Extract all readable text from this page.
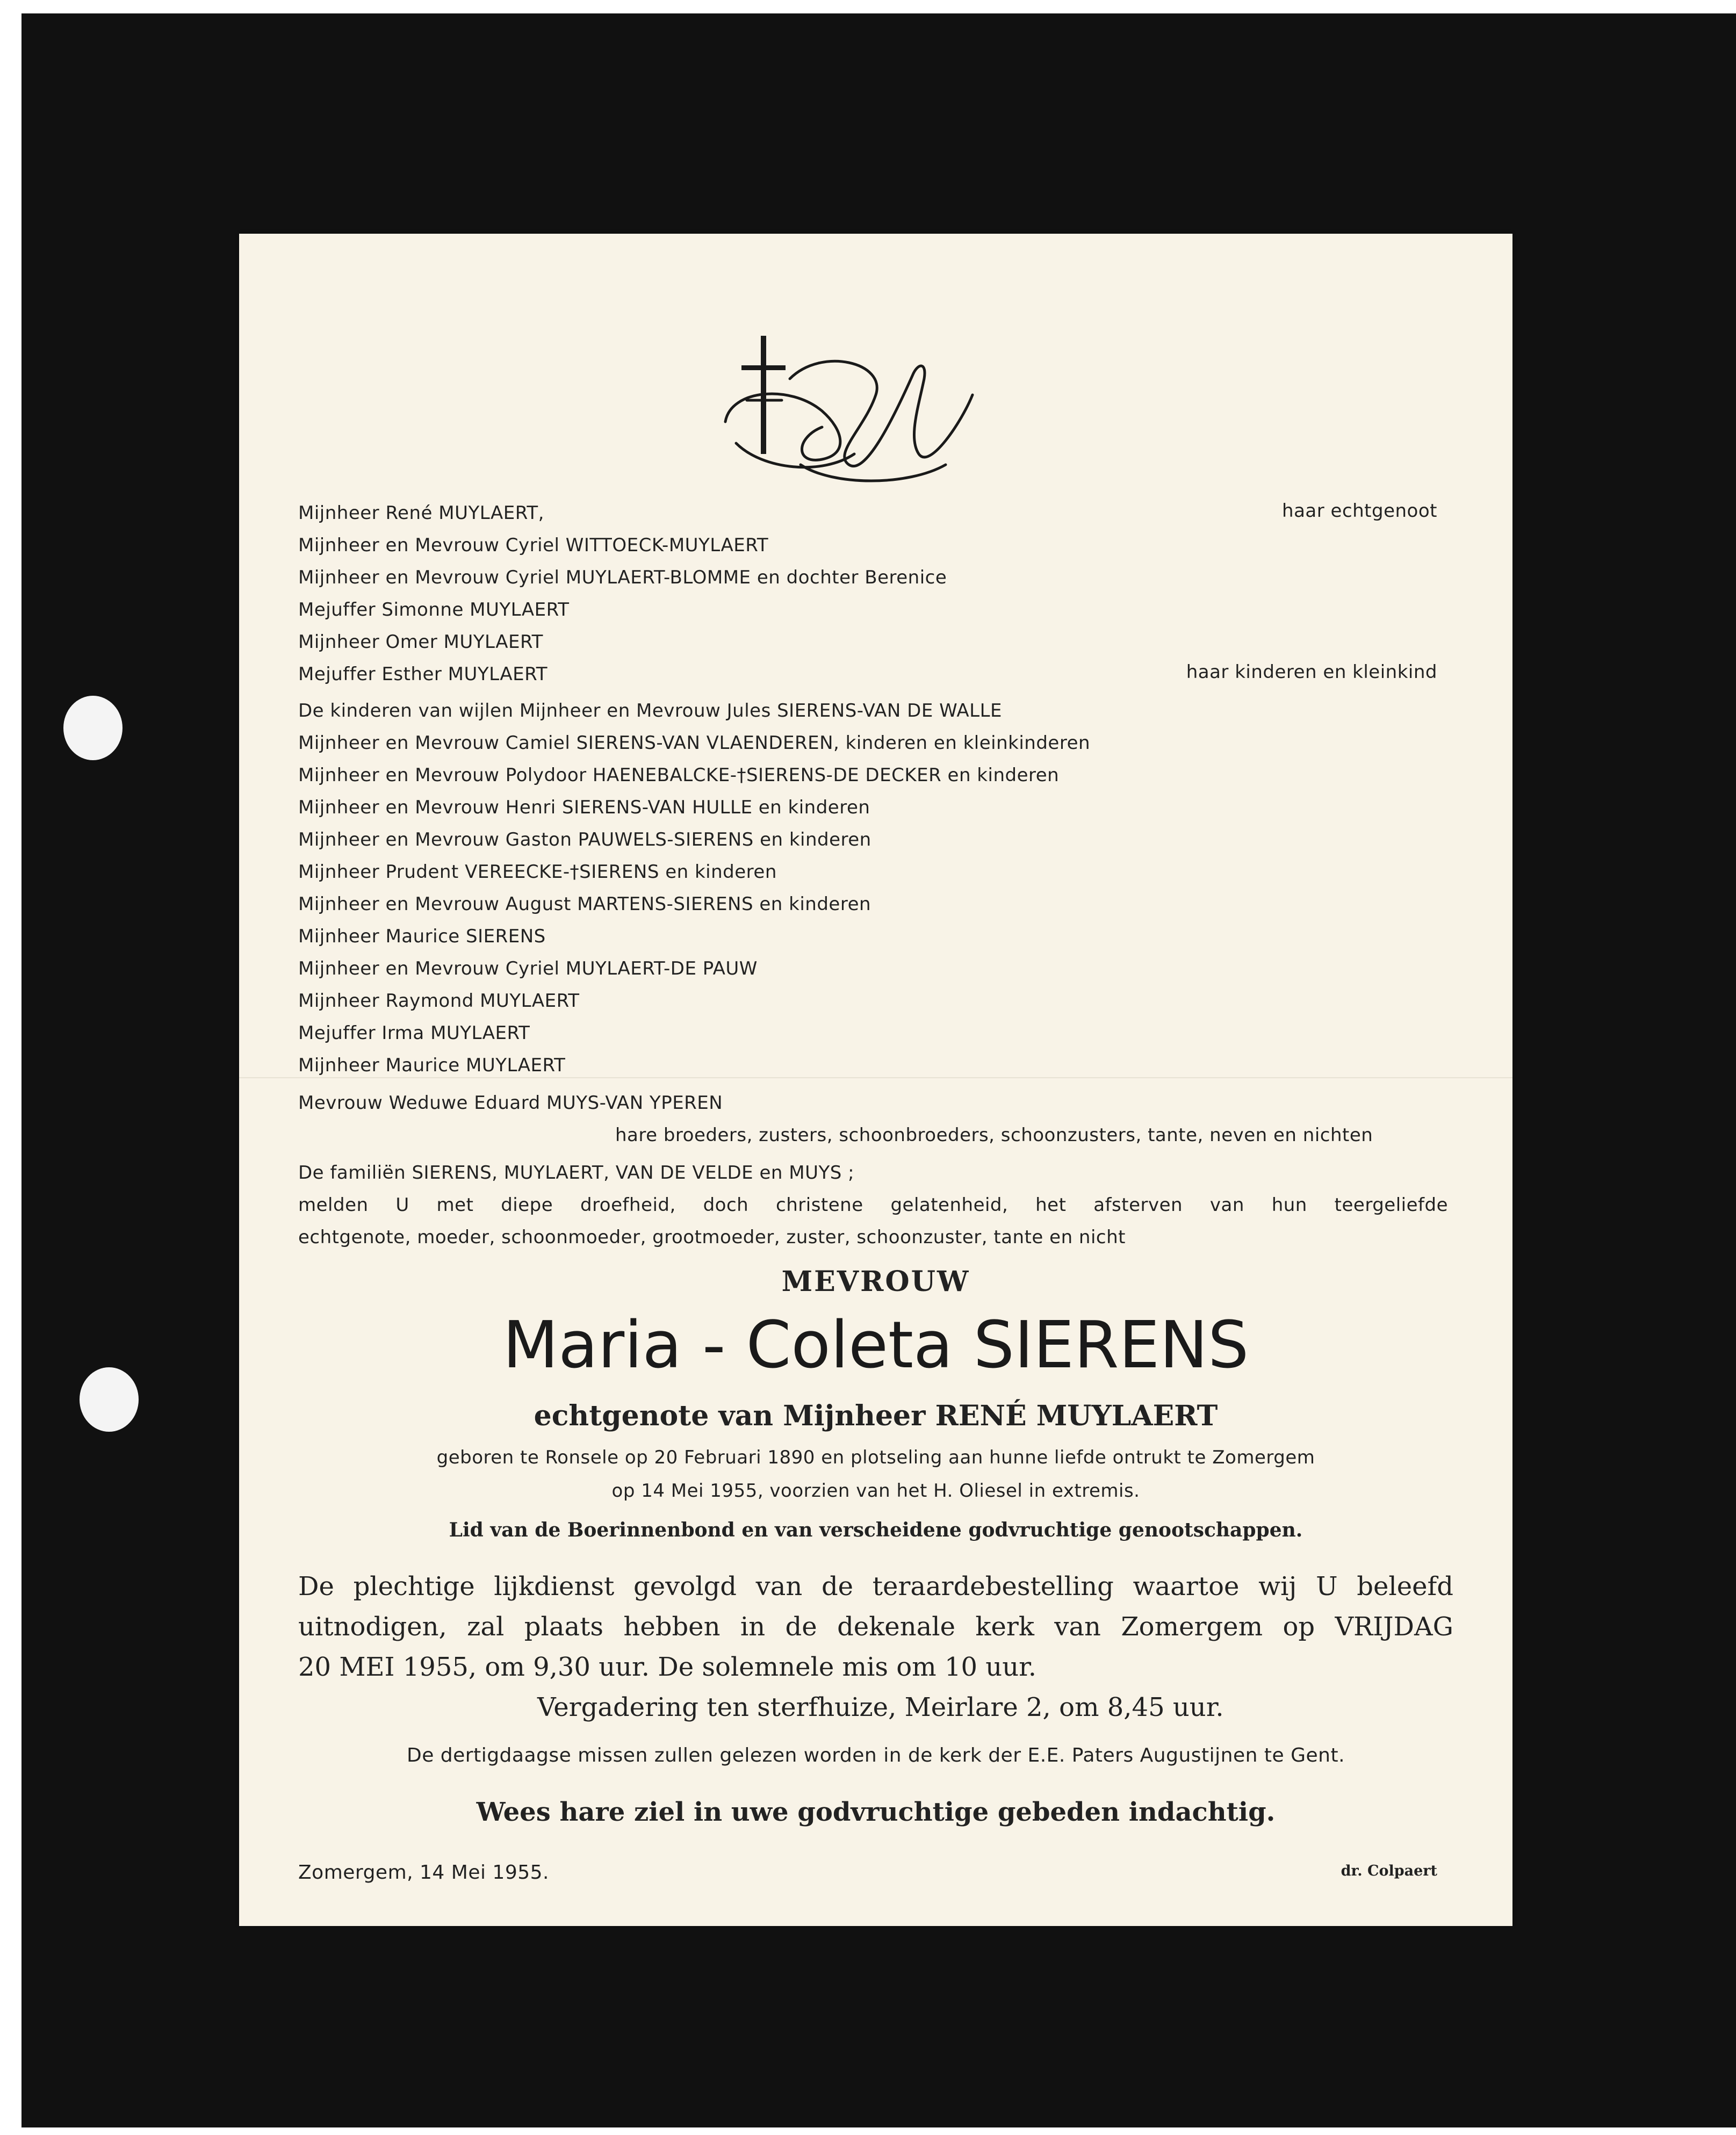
Mijnheer René MUYLAERT,	haar echtgenoot
Mijnheer en Mevrouw Cyriel WITTOECK-MUYLAERT
Mijnheer en Mevrouw Cyriel MUYLAERT-BLOMME en dochter Berenice
Mejuffer Simonne MUYLAERT
Mijnheer Omer MUYLAERT
Mejuffer Esther MUYLAERT	haar kinderen en kleinkind
De kinderen van wijlen Mijnheer en Mevrouw Jules SIERENS-VAN DE WALLE
Mijnheer en Mevrouw Camiel SIERENS-VAN VLAENDEREN, kinderen en kleinkinderen
Mijnheer en Mevrouw Polydoor HAENEBALCKE-†SIERENS-DE DECKER en kinderen
Mijnheer en Mevrouw Henri SIERENS-VAN HULLE en kinderen
Mijnheer en Mevrouw Gaston PAUWELS-SIERENS en kinderen
Mijnheer Prudent VEREECKE-†SIERENS en kinderen
Mijnheer en Mevrouw August MARTENS-SIERENS en kinderen
Mijnheer Maurice SIERENS
Mijnheer en Mevrouw Cyriel MUYLAERT-DE PAUW
Mijnheer Raymond MUYLAERT
Mejuffer Irma MUYLAERT
Mijnheer Maurice MUYLAERT
Mevrouw Weduwe Eduard MUYS-VAN YPEREN
hare broeders, zusters, schoonbroeders, schoonzusters, tante, neven en nichten
De familiën SIERENS, MUYLAERT, VAN DE VELDE en MUYS ;
melden U met diepe droefheid, doch christene gelatenheid, het afsterven van hun teergeliefde
echtgenote, moeder, schoonmoeder, grootmoeder, zuster, schoonzuster, tante en nicht
MEVROUW
Maria - Coleta SIERENS
echtgenote van Mijnheer RENÉ MUYLAERT
geboren te Ronsele op 20 Februari 1890 en plotseling aan hunne liefde ontrukt te Zomergem
op 14 Mei 1955, voorzien van het H. Oliesel in extremis.
Lid van de Boerinnenbond en van verscheidene godvruchtige genootschappen.
De plechtige lijkdienst gevolgd van de teraardebestelling waartoe wij U beleefd
uitnodigen, zal plaats hebben in de dekenale kerk van Zomergem op VRIJDAG
20 MEI 1955, om 9,30 uur. De solemnele mis om 10 uur.
Vergadering ten sterfhuize, Meirlare 2, om 8,45 uur.
De dertigdaagse missen zullen gelezen worden in de kerk der E.E. Paters Augustijnen te Gent.
Wees hare ziel in uwe godvruchtige gebeden indachtig.
Zomergem, 14 Mei 1955.	dr. Colpaert
